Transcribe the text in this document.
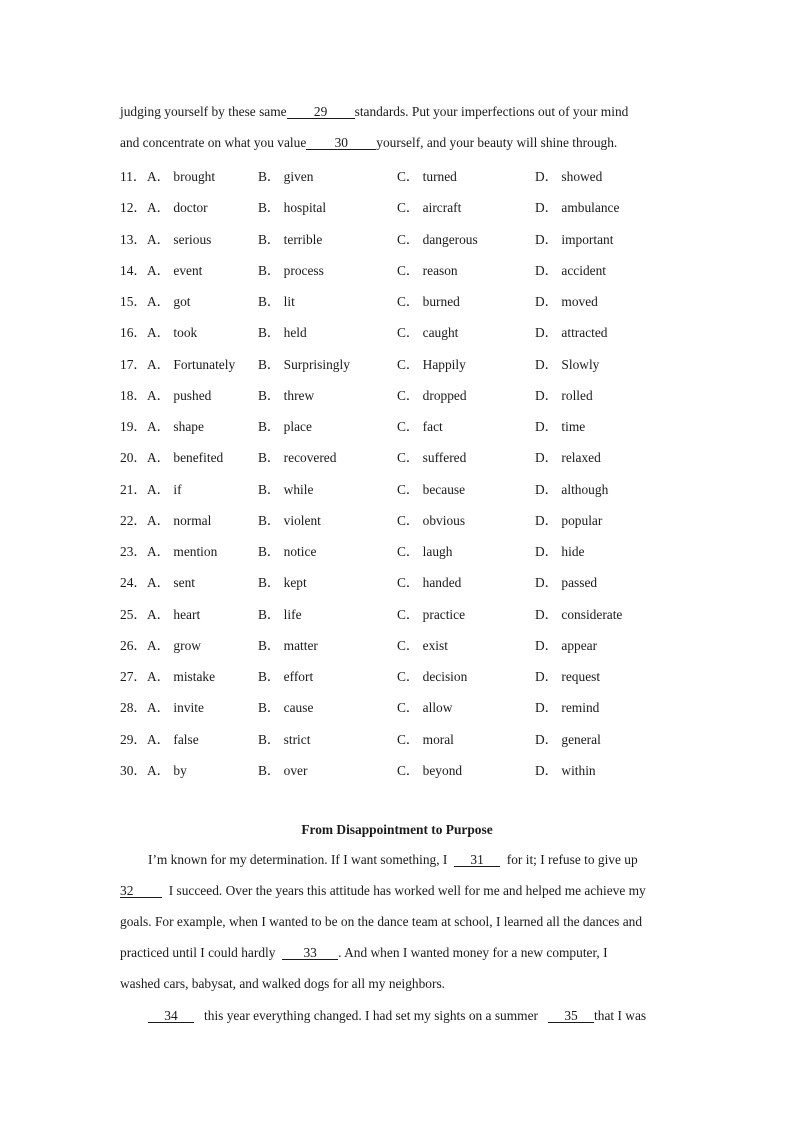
judging yourself by these same 29 standards. Put your imperfections out of your mind
and concentrate on what you value 30 yourself, and your beauty will shine through.
11． A． brought	B． given	C． turned	D． showed
12． A． doctor	B． hospital	C． aircraft	D． ambulance
13． A． serious	B． terrible	C． dangerous	D． important
14． A． event	B． process	C． reason	D． accident
15． A． got	B． lit	C． burned	D． moved
16． A． took	B． held	C． caught	D． attracted
17． A． Fortunately B． Surprisingly	C． Happily	D． Slowly
18． A． pushed	B． threw	C． dropped	D． rolled
19． A． shape	B． place	C． fact	D． time
20． A． benefited	B． recovered	C． suffered	D． relaxed
21． A． if	B． while	C． because	D． although
22． A． normal	B． violent	C． obvious	D． popular
23． A． mention	B． notice	C． laugh	D． hide
24． A． sent	B． kept	C． handed	D． passed
25． A． heart	B． life	C． practice	D． considerate
26． A． grow	B． matter	C． exist	D． appear
27． A． mistake	B． effort	C． decision	D． request
28． A． invite	B． cause	C． allow	D． remind
29． A． false	B． strict	C． moral	D． general
30． A． by	B． over	C． beyond	D． within
From Disappointment to Purpose
I’m known for my determination. If I want something, I 31 for it; I refuse to give up
32	I succeed. Over the years this attitude has worked well for me and helped me achieve my
goals. For example, when I wanted to be on the dance team at school, I learned all the dances and
practiced until I could hardly 33 . And when I wanted money for a new computer, I
washed cars, babysat, and walked dogs for all my neighbors.
34 this year everything changed. I had set my sights on a summer 35 that I was
